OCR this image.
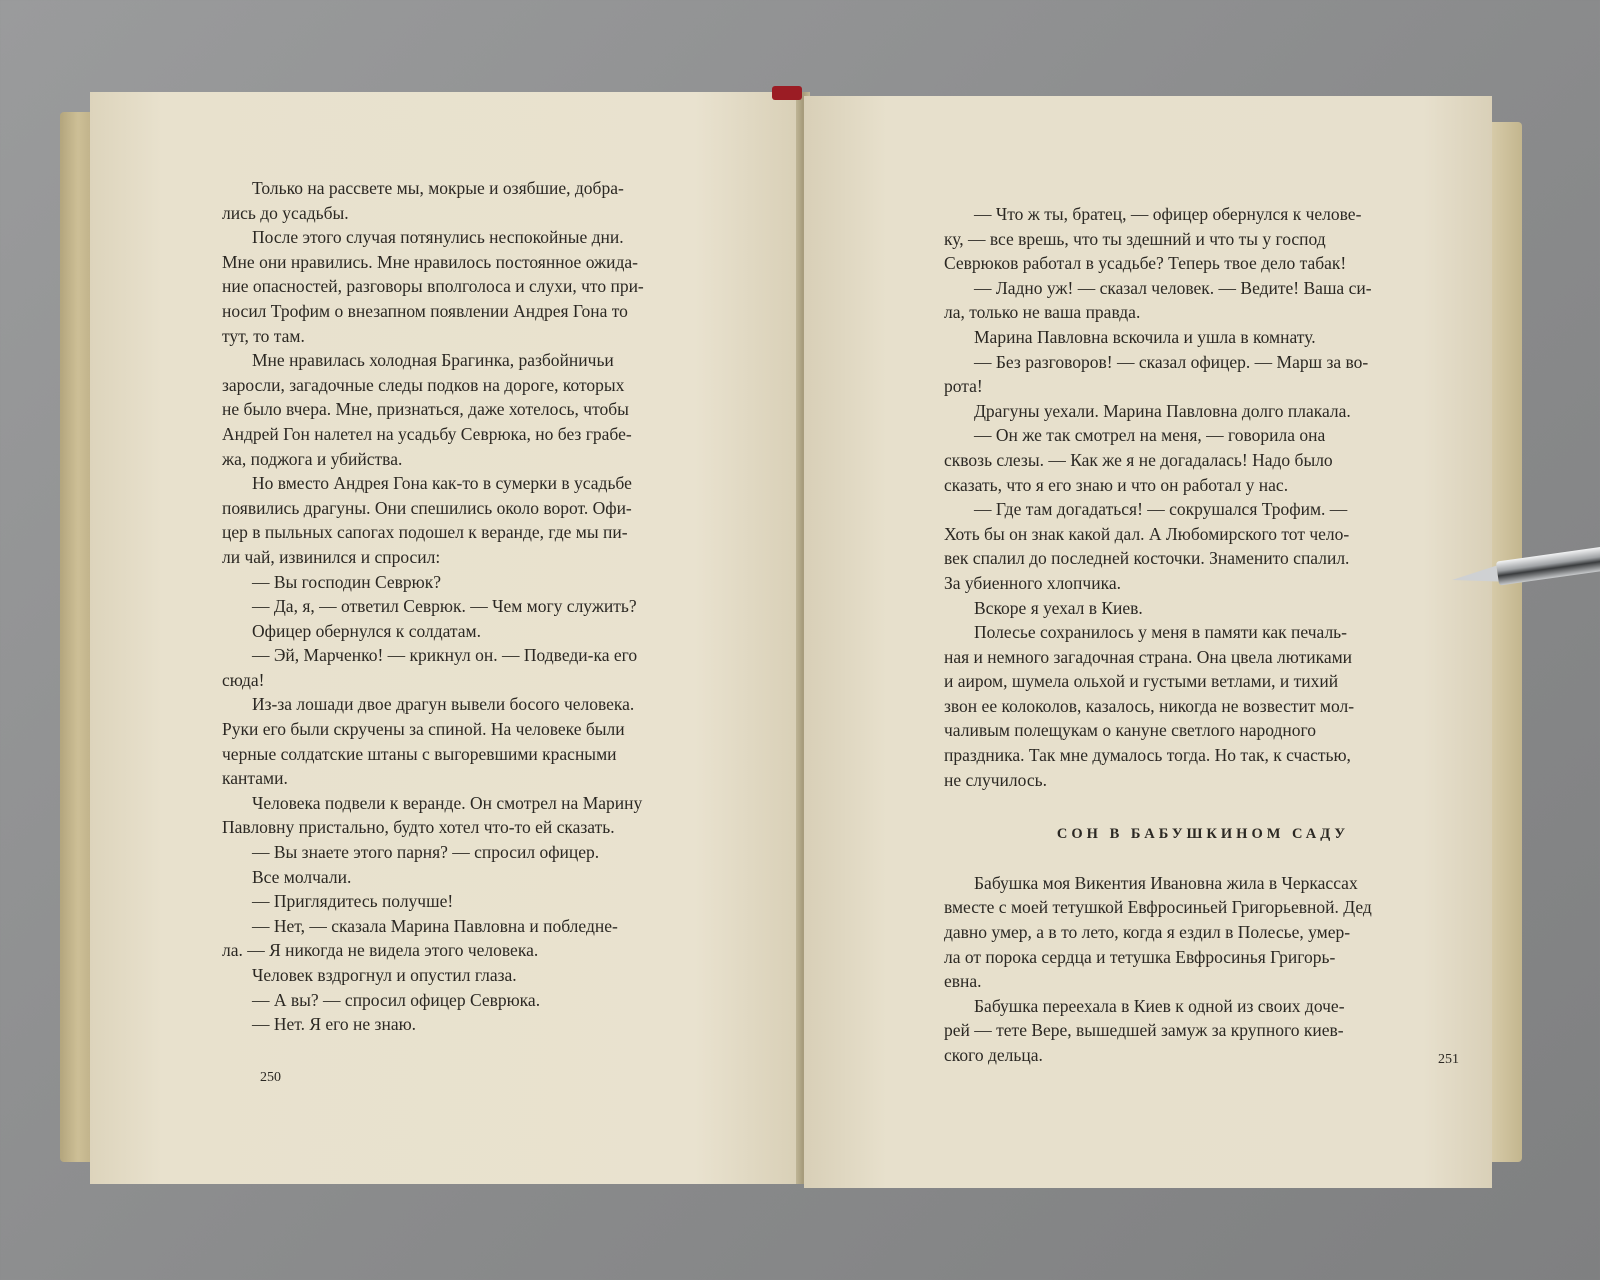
Только на рассвете мы, мокрые и озябшие, добра-
лись до усадьбы.

После этого случая потянулись неспокойные дни.
Мне они нравились. Мне нравилось постоянное ожида-
ние опасностей, разговоры вполголоса и слухи, что при-
носил Трофим о внезапном появлении Андрея Гона то
тут, то там.

Мне нравилась холодная Брагинка, разбойничьи
заросли, загадочные следы подков на дороге, которых
не было вчера. Мне, признаться, даже хотелось, чтобы
Андрей Гон налетел на усадьбу Севрюка, но без грабе-
жа, поджога и убийства.

Но вместо Андрея Гона как-то в сумерки в усадьбе
появились драгуны. Они спешились около ворот. Офи-
цер в пыльных сапогах подошел к веранде, где мы пи-
ли чай, извинился и спросил:

— Вы господин Севрюк?

— Да, я, — ответил Севрюк. — Чем могу служить?

Офицер обернулся к солдатам.

— Эй, Марченко! — крикнул он. — Подведи-ка его
сюда!

Из-за лошади двое драгун вывели босого человека.
Руки его были скручены за спиной. На человеке были
черные солдатские штаны с выгоревшими красными
кантами.

Человека подвели к веранде. Он смотрел на Марину
Павловну пристально, будто хотел что-то ей сказать.

— Вы знаете этого парня? — спросил офицер.

Все молчали.

— Приглядитесь получше!

— Нет, — сказала Марина Павловна и побледне-
ла. — Я никогда не видела этого человека.

Человек вздрогнул и опустил глаза.

— А вы? — спросил офицер Севрюка.

— Нет. Я его не знаю.

250

— Что ж ты, братец, — офицер обернулся к челове-
ку, — все врешь, что ты здешний и что ты у господ
Севрюков работал в усадьбе? Теперь твое дело табак!

— Ладно уж! — сказал человек. — Ведите! Ваша си-
ла, только не ваша правда.

Марина Павловна вскочила и ушла в комнату.

— Без разговоров! — сказал офицер. — Марш за во-
рота!

Драгуны уехали. Марина Павловна долго плакала.

— Он же так смотрел на меня, — говорила она
сквозь слезы. — Как же я не догадалась! Надо было
сказать, что я его знаю и что он работал у нас.

— Где там догадаться! — сокрушался Трофим. —
Хоть бы он знак какой дал. А Любомирского тот чело-
век спалил до последней косточки. Знаменито спалил.
За убиенного хлопчика.

Вскоре я уехал в Киев.

Полесье сохранилось у меня в памяти как печаль-
ная и немного загадочная страна. Она цвела лютиками
и аиром, шумела ольхой и густыми ветлами, и тихий
звон ее колоколов, казалось, никогда не возвестит мол-
чаливым полещукам о кануне светлого народного
праздника. Так мне думалось тогда. Но так, к счастью,
не случилось.

СОН В БАБУШКИНОМ САДУ

Бабушка моя Викентия Ивановна жила в Черкассах
вместе с моей тетушкой Евфросиньей Григорьевной. Дед
давно умер, а в то лето, когда я ездил в Полесье, умер-
ла от порока сердца и тетушка Евфросинья Григорь-
евна.

Бабушка переехала в Киев к одной из своих доче-
рей — тете Вере, вышедшей замуж за крупного киев-
ского дельца.	251
